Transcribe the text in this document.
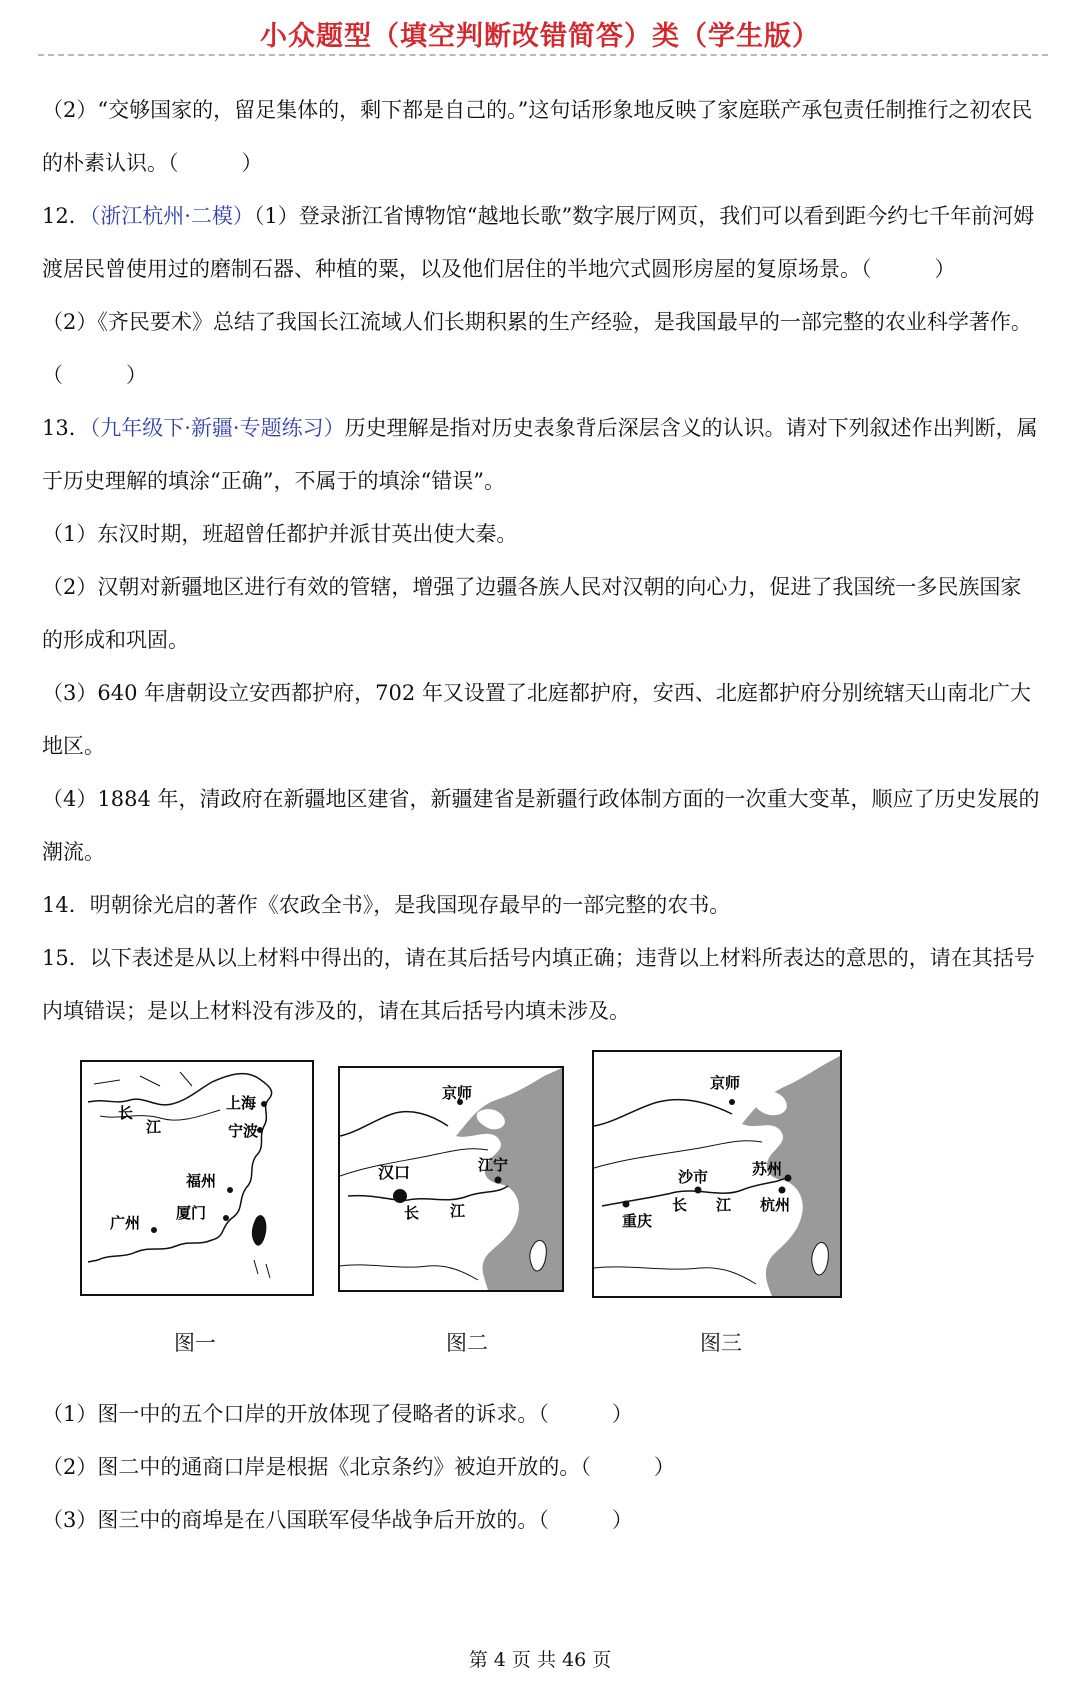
小众题型（填空判断改错简答）类（学生版）

（2）“交够国家的，留足集体的，剩下都是自己的。”这句话形象地反映了家庭联产承包责任制推行之初农民的朴素认识。（　　　）

12．（浙江杭州·二模）（1）登录浙江省博物馆“越地长歌”数字展厅网页，我们可以看到距今约七千年前河姆渡居民曾使用过的磨制石器、种植的粟，以及他们居住的半地穴式圆形房屋的复原场景。（　　　）

（2）《齐民要术》总结了我国长江流域人们长期积累的生产经验，是我国最早的一部完整的农业科学著作。（　　　）

13．（九年级下·新疆·专题练习）历史理解是指对历史表象背后深层含义的认识。请对下列叙述作出判断，属于历史理解的填涂“正确”，不属于的填涂“错误”。

（1）东汉时期，班超曾任都护并派甘英出使大秦。

（2）汉朝对新疆地区进行有效的管辖，增强了边疆各族人民对汉朝的向心力，促进了我国统一多民族国家的形成和巩固。

（3）640 年唐朝设立安西都护府，702 年又设置了北庭都护府，安西、北庭都护府分别统辖天山南北广大地区。

（4）1884 年，清政府在新疆地区建省，新疆建省是新疆行政体制方面的一次重大变革，顺应了历史发展的潮流。

14．明朝徐光启的著作《农政全书》，是我国现存最早的一部完整的农书。

15．以下表述是从以上材料中得出的，请在其后括号内填正确；违背以上材料所表达的意思的，请在其括号内填错误；是以上材料没有涉及的，请在其后括号内填未涉及。

长
江
上海
宁波
福州
厦门
广州
图一
京师
汉口	江宁
长 江
图二
京师
沙市	苏州
长 江 杭州
重庆
图三

（1）图一中的五个口岸的开放体现了侵略者的诉求。（　　　）

（2）图二中的通商口岸是根据《北京条约》被迫开放的。（　　　）

（3）图三中的商埠是在八国联军侵华战争后开放的。（　　　）

第 4 页 共 46 页
